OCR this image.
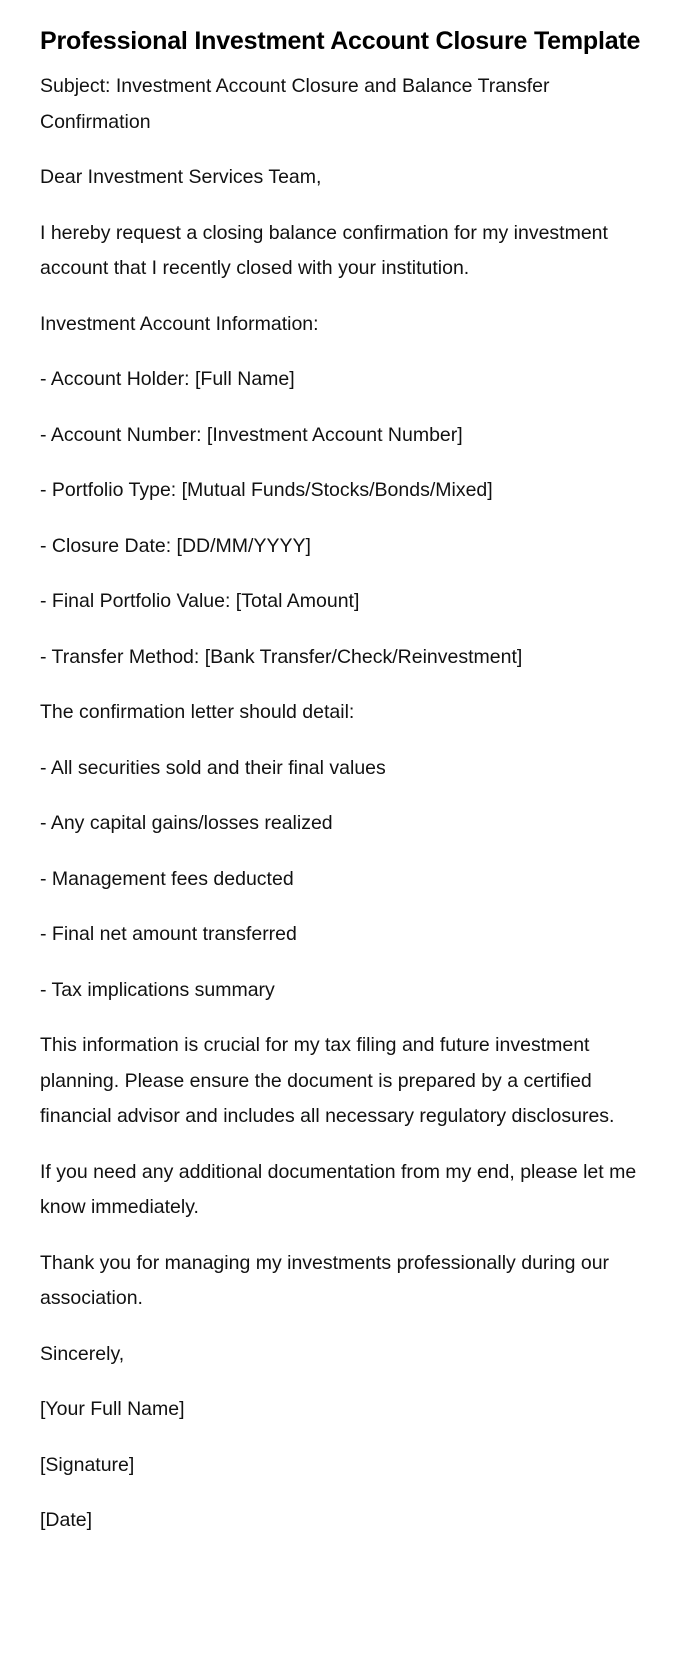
Professional Investment Account Closure Template

Subject: Investment Account Closure and Balance Transfer Confirmation

Dear Investment Services Team,

I hereby request a closing balance confirmation for my investment account that I recently closed with your institution.

Investment Account Information:

- Account Holder: [Full Name]

- Account Number: [Investment Account Number]

- Portfolio Type: [Mutual Funds/Stocks/Bonds/Mixed]

- Closure Date: [DD/MM/YYYY]

- Final Portfolio Value: [Total Amount]

- Transfer Method: [Bank Transfer/Check/Reinvestment]

The confirmation letter should detail:

- All securities sold and their final values

- Any capital gains/losses realized

- Management fees deducted

- Final net amount transferred

- Tax implications summary

This information is crucial for my tax filing and future investment planning. Please ensure the document is prepared by a certified financial advisor and includes all necessary regulatory disclosures.

If you need any additional documentation from my end, please let me know immediately.

Thank you for managing my investments professionally during our association.

Sincerely,

[Your Full Name]

[Signature]

[Date]
